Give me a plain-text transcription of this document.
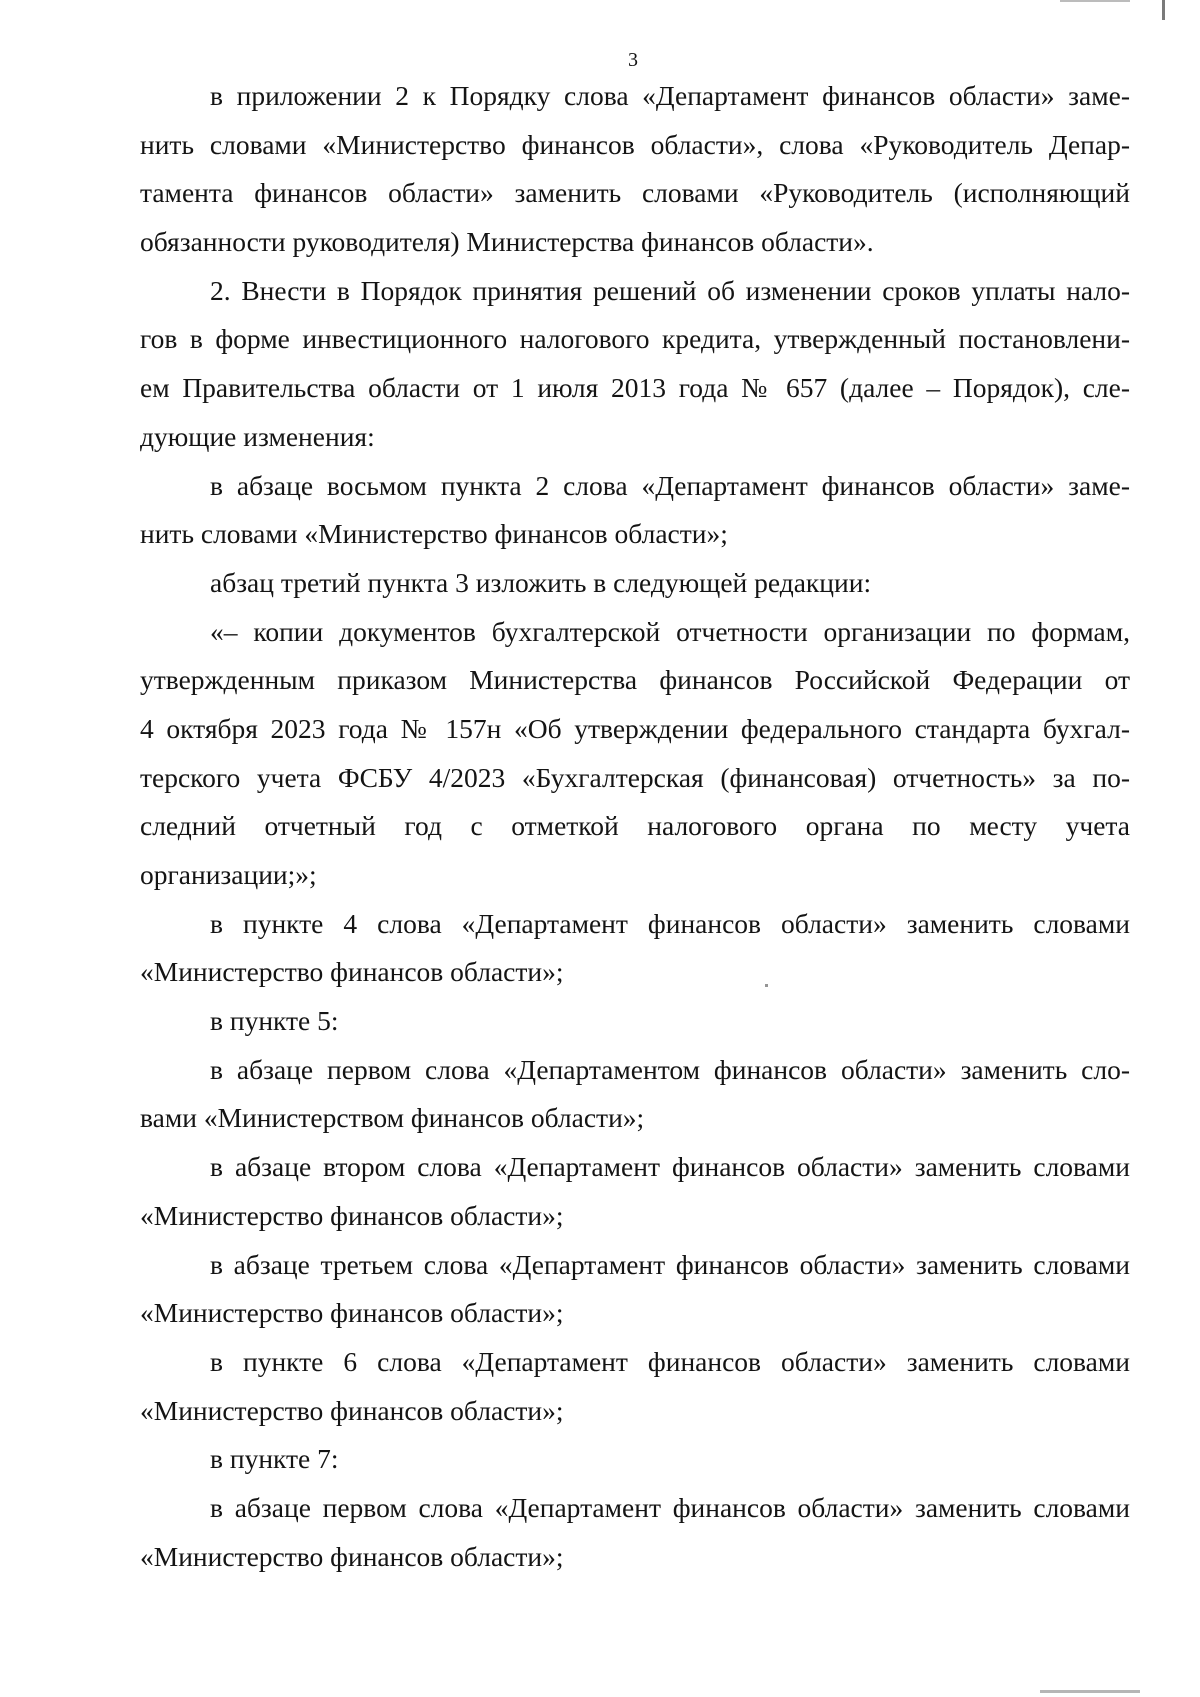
3
в приложении 2 к Порядку слова «Департамент финансов области» заме-
нить словами «Министерство финансов области», слова «Руководитель Депар-
тамента финансов области» заменить словами «Руководитель (исполняющий
обязанности руководителя) Министерства финансов области».
2. Внести в Порядок принятия решений об изменении сроков уплаты нало-
гов в форме инвестиционного налогового кредита, утвержденный постановлени-
ем Правительства области от 1 июля 2013 года № 657 (далее – Порядок), сле-
дующие изменения:
в абзаце восьмом пункта 2 слова «Департамент финансов области» заме-
нить словами «Министерство финансов области»;
абзац третий пункта 3 изложить в следующей редакции:
«– копии документов бухгалтерской отчетности организации по формам,
утвержденным приказом Министерства финансов Российской Федерации от
4 октября 2023 года № 157н «Об утверждении федерального стандарта бухгал-
терского учета ФСБУ 4/2023 «Бухгалтерская (финансовая) отчетность» за по-
следний отчетный год с отметкой налогового органа по месту учета
организации;»;
в пункте 4 слова «Департамент финансов области» заменить словами
«Министерство финансов области»;
в пункте 5:
в абзаце первом слова «Департаментом финансов области» заменить сло-
вами «Министерством финансов области»;
в абзаце втором слова «Департамент финансов области» заменить словами
«Министерство финансов области»;
в абзаце третьем слова «Департамент финансов области» заменить словами
«Министерство финансов области»;
в пункте 6 слова «Департамент финансов области» заменить словами
«Министерство финансов области»;
в пункте 7:
в абзаце первом слова «Департамент финансов области» заменить словами
«Министерство финансов области»;
